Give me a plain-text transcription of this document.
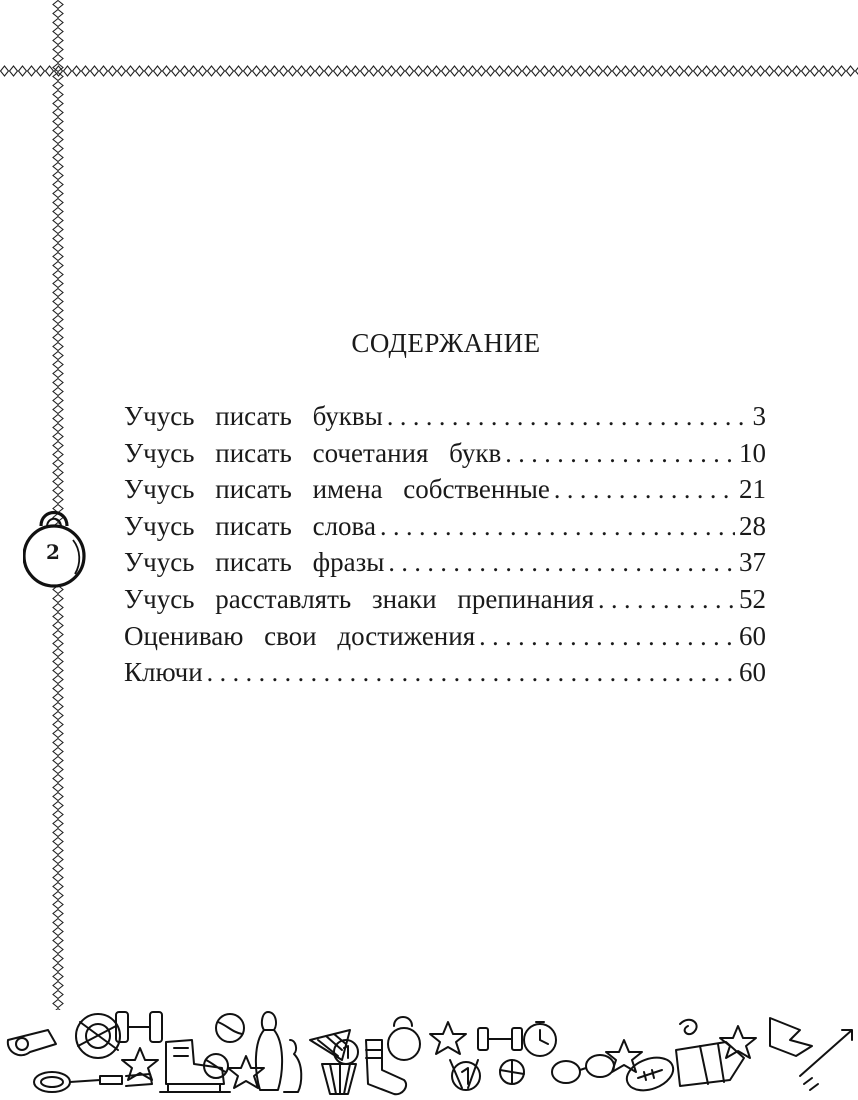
СОДЕРЖАНИЕ
Учусь писать буквы . . .	3
Учусь писать сочетания букв . . .	10
Учусь писать имена собственные . . .	21
Учусь писать слова . . .	28
Учусь писать фразы . . .	37
Учусь расставлять знаки препинания . . .	52
Оцениваю свои достижения . . .	60
Ключи . . .	60
2
